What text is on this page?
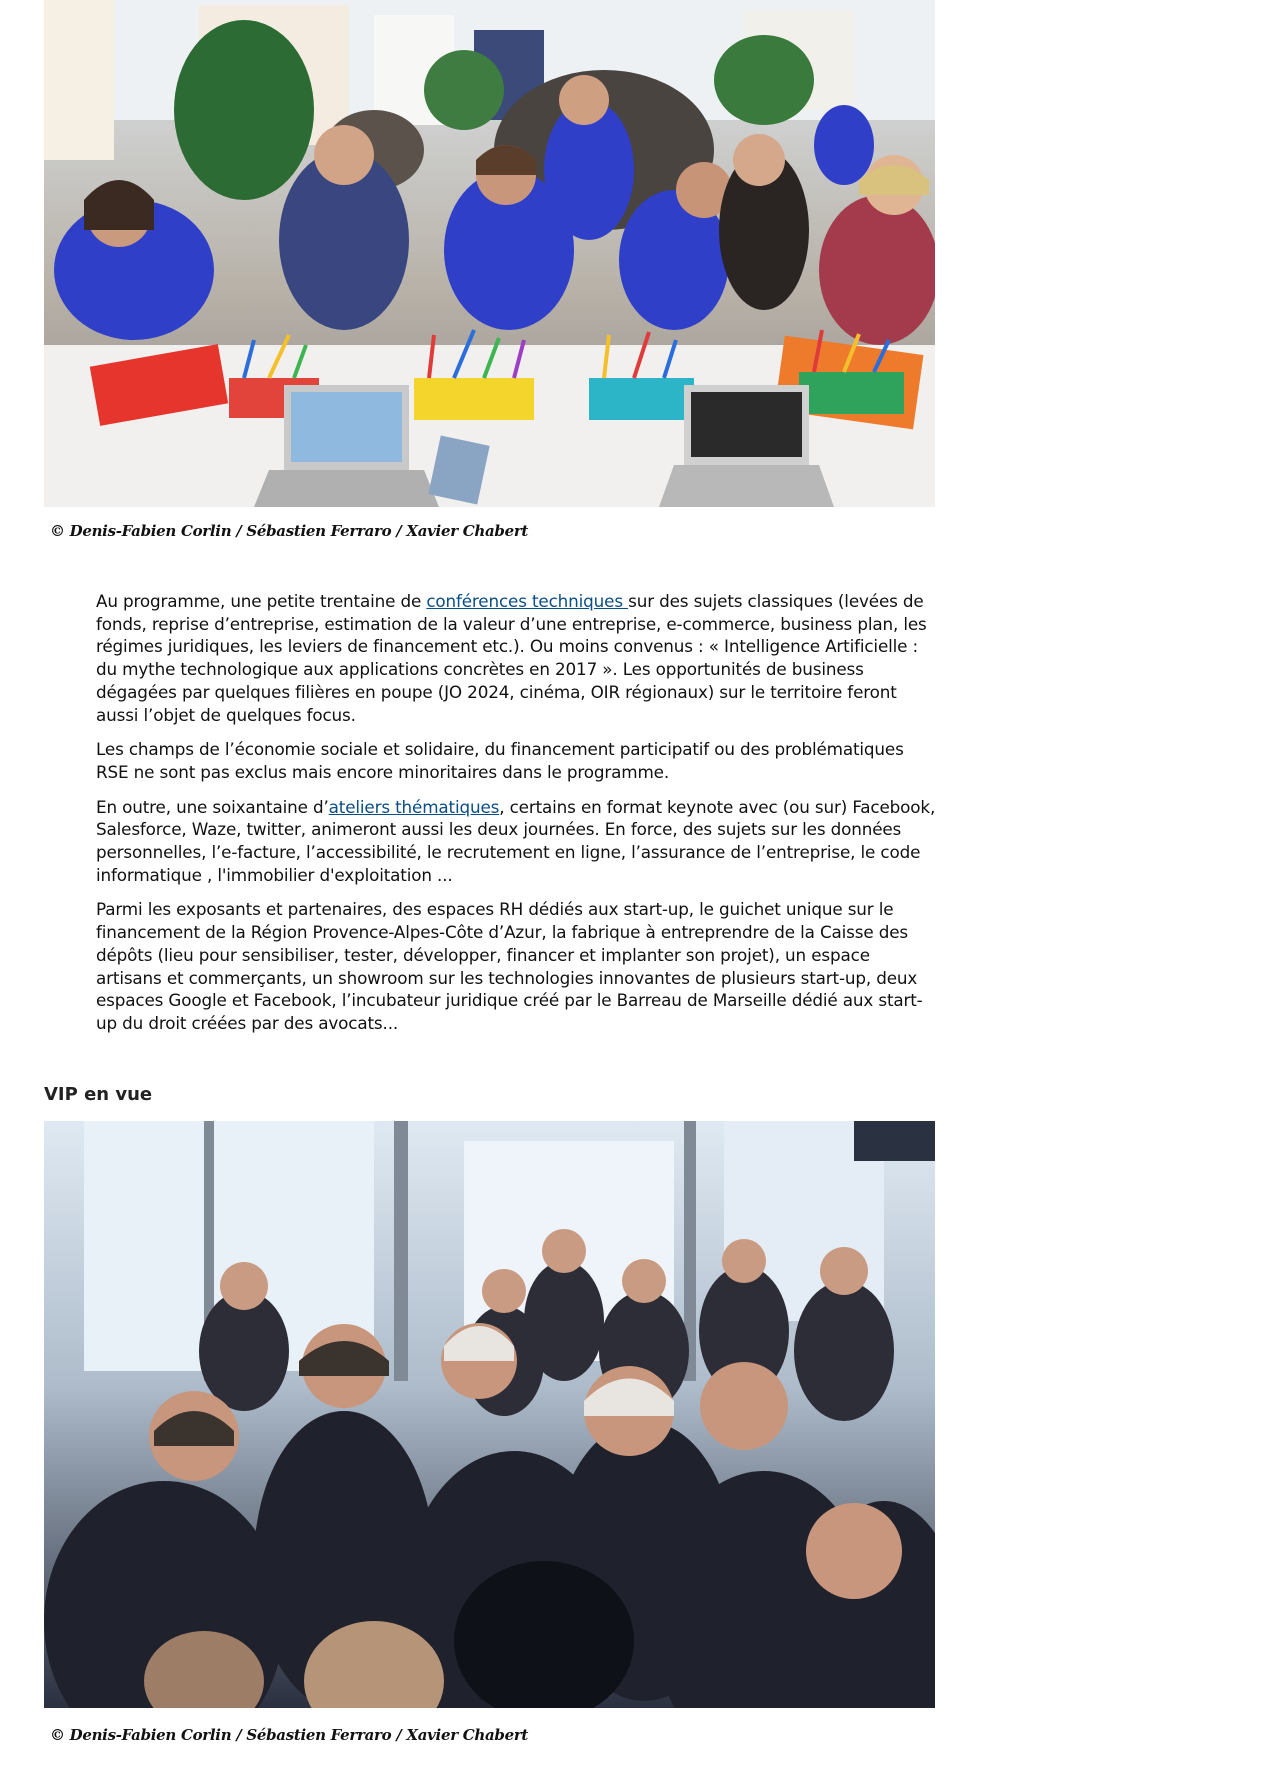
© Denis-Fabien Corlin / Sébastien Ferraro / Xavier Chabert

Au programme, une petite trentaine de conférences techniques sur des sujets classiques (levées de fonds, reprise d’entreprise, estimation de la valeur d’une entreprise, e-commerce, business plan, les régimes juridiques, les leviers de financement etc.). Ou moins convenus : « Intelligence Artificielle : du mythe technologique aux applications concrètes en 2017 ». Les opportunités de business dégagées par quelques filières en poupe (JO 2024, cinéma, OIR régionaux) sur le territoire feront aussi l’objet de quelques focus.

Les champs de l’économie sociale et solidaire, du financement participatif ou des problématiques RSE ne sont pas exclus mais encore minoritaires dans le programme.

En outre, une soixantaine d’ateliers thématiques, certains en format keynote avec (ou sur) Facebook, Salesforce, Waze, twitter, animeront aussi les deux journées. En force, des sujets sur les données personnelles, l’e-facture, l’accessibilité, le recrutement en ligne, l’assurance de l’entreprise, le code informatique , l'immobilier d'exploitation ...

Parmi les exposants et partenaires, des espaces RH dédiés aux start-up, le guichet unique sur le financement de la Région Provence-Alpes-Côte d’Azur, la fabrique à entreprendre de la Caisse des dépôts (lieu pour sensibiliser, tester, développer, financer et implanter son projet), un espace artisans et commerçants, un showroom sur les technologies innovantes de plusieurs start-up, deux espaces Google et Facebook, l’incubateur juridique créé par le Barreau de Marseille dédié aux start-up du droit créées par des avocats...

VIP en vue
© Denis-Fabien Corlin / Sébastien Ferraro / Xavier Chabert
